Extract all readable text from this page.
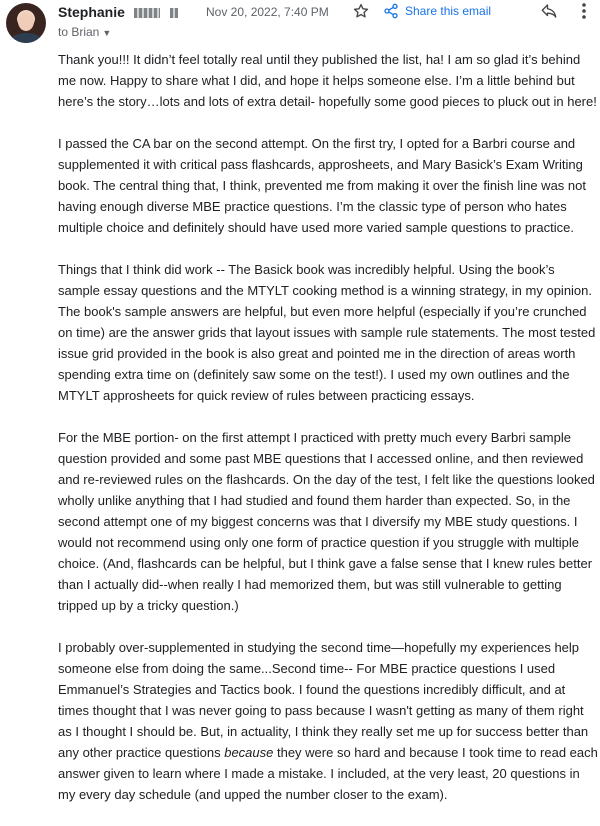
Stephanie
to Brian ▼
Nov 20, 2022, 7:40 PM	Share this email

Thank you!!! It didn’t feel totally real until they published the list, ha! I am so glad it’s behind
me now. Happy to share what I did, and hope it helps someone else. I’m a little behind but
here’s the story…lots and lots of extra detail- hopefully some good pieces to pluck out in here!

I passed the CA bar on the second attempt. On the first try, I opted for a Barbri course and
supplemented it with critical pass flashcards, approsheets, and Mary Basick’s Exam Writing
book. The central thing that, I think, prevented me from making it over the finish line was not
having enough diverse MBE practice questions. I’m the classic type of person who hates
multiple choice and definitely should have used more varied sample questions to practice.

Things that I think did work -- The Basick book was incredibly helpful. Using the book’s
sample essay questions and the MTYLT cooking method is a winning strategy, in my opinion.
The book's sample answers are helpful, but even more helpful (especially if you’re crunched
on time) are the answer grids that layout issues with sample rule statements. The most tested
issue grid provided in the book is also great and pointed me in the direction of areas worth
spending extra time on (definitely saw some on the test!). I used my own outlines and the
MTYLT approsheets for quick review of rules between practicing essays.

For the MBE portion- on the first attempt I practiced with pretty much every Barbri sample
question provided and some past MBE questions that I accessed online, and then reviewed
and re-reviewed rules on the flashcards. On the day of the test, I felt like the questions looked
wholly unlike anything that I had studied and found them harder than expected. So, in the
second attempt one of my biggest concerns was that I diversify my MBE study questions. I
would not recommend using only one form of practice question if you struggle with multiple
choice. (And, flashcards can be helpful, but I think gave a false sense that I knew rules better
than I actually did--when really I had memorized them, but was still vulnerable to getting
tripped up by a tricky question.)

I probably over-supplemented in studying the second time—hopefully my experiences help
someone else from doing the same...Second time-- For MBE practice questions I used
Emmanuel’s Strategies and Tactics book. I found the questions incredibly difficult, and at
times thought that I was never going to pass because I wasn't getting as many of them right
as I thought I should be. But, in actuality, I think they really set me up for success better than
any other practice questions because they were so hard and because I took time to read each
answer given to learn where I made a mistake. I included, at the very least, 20 questions in
my every day schedule (and upped the number closer to the exam).
